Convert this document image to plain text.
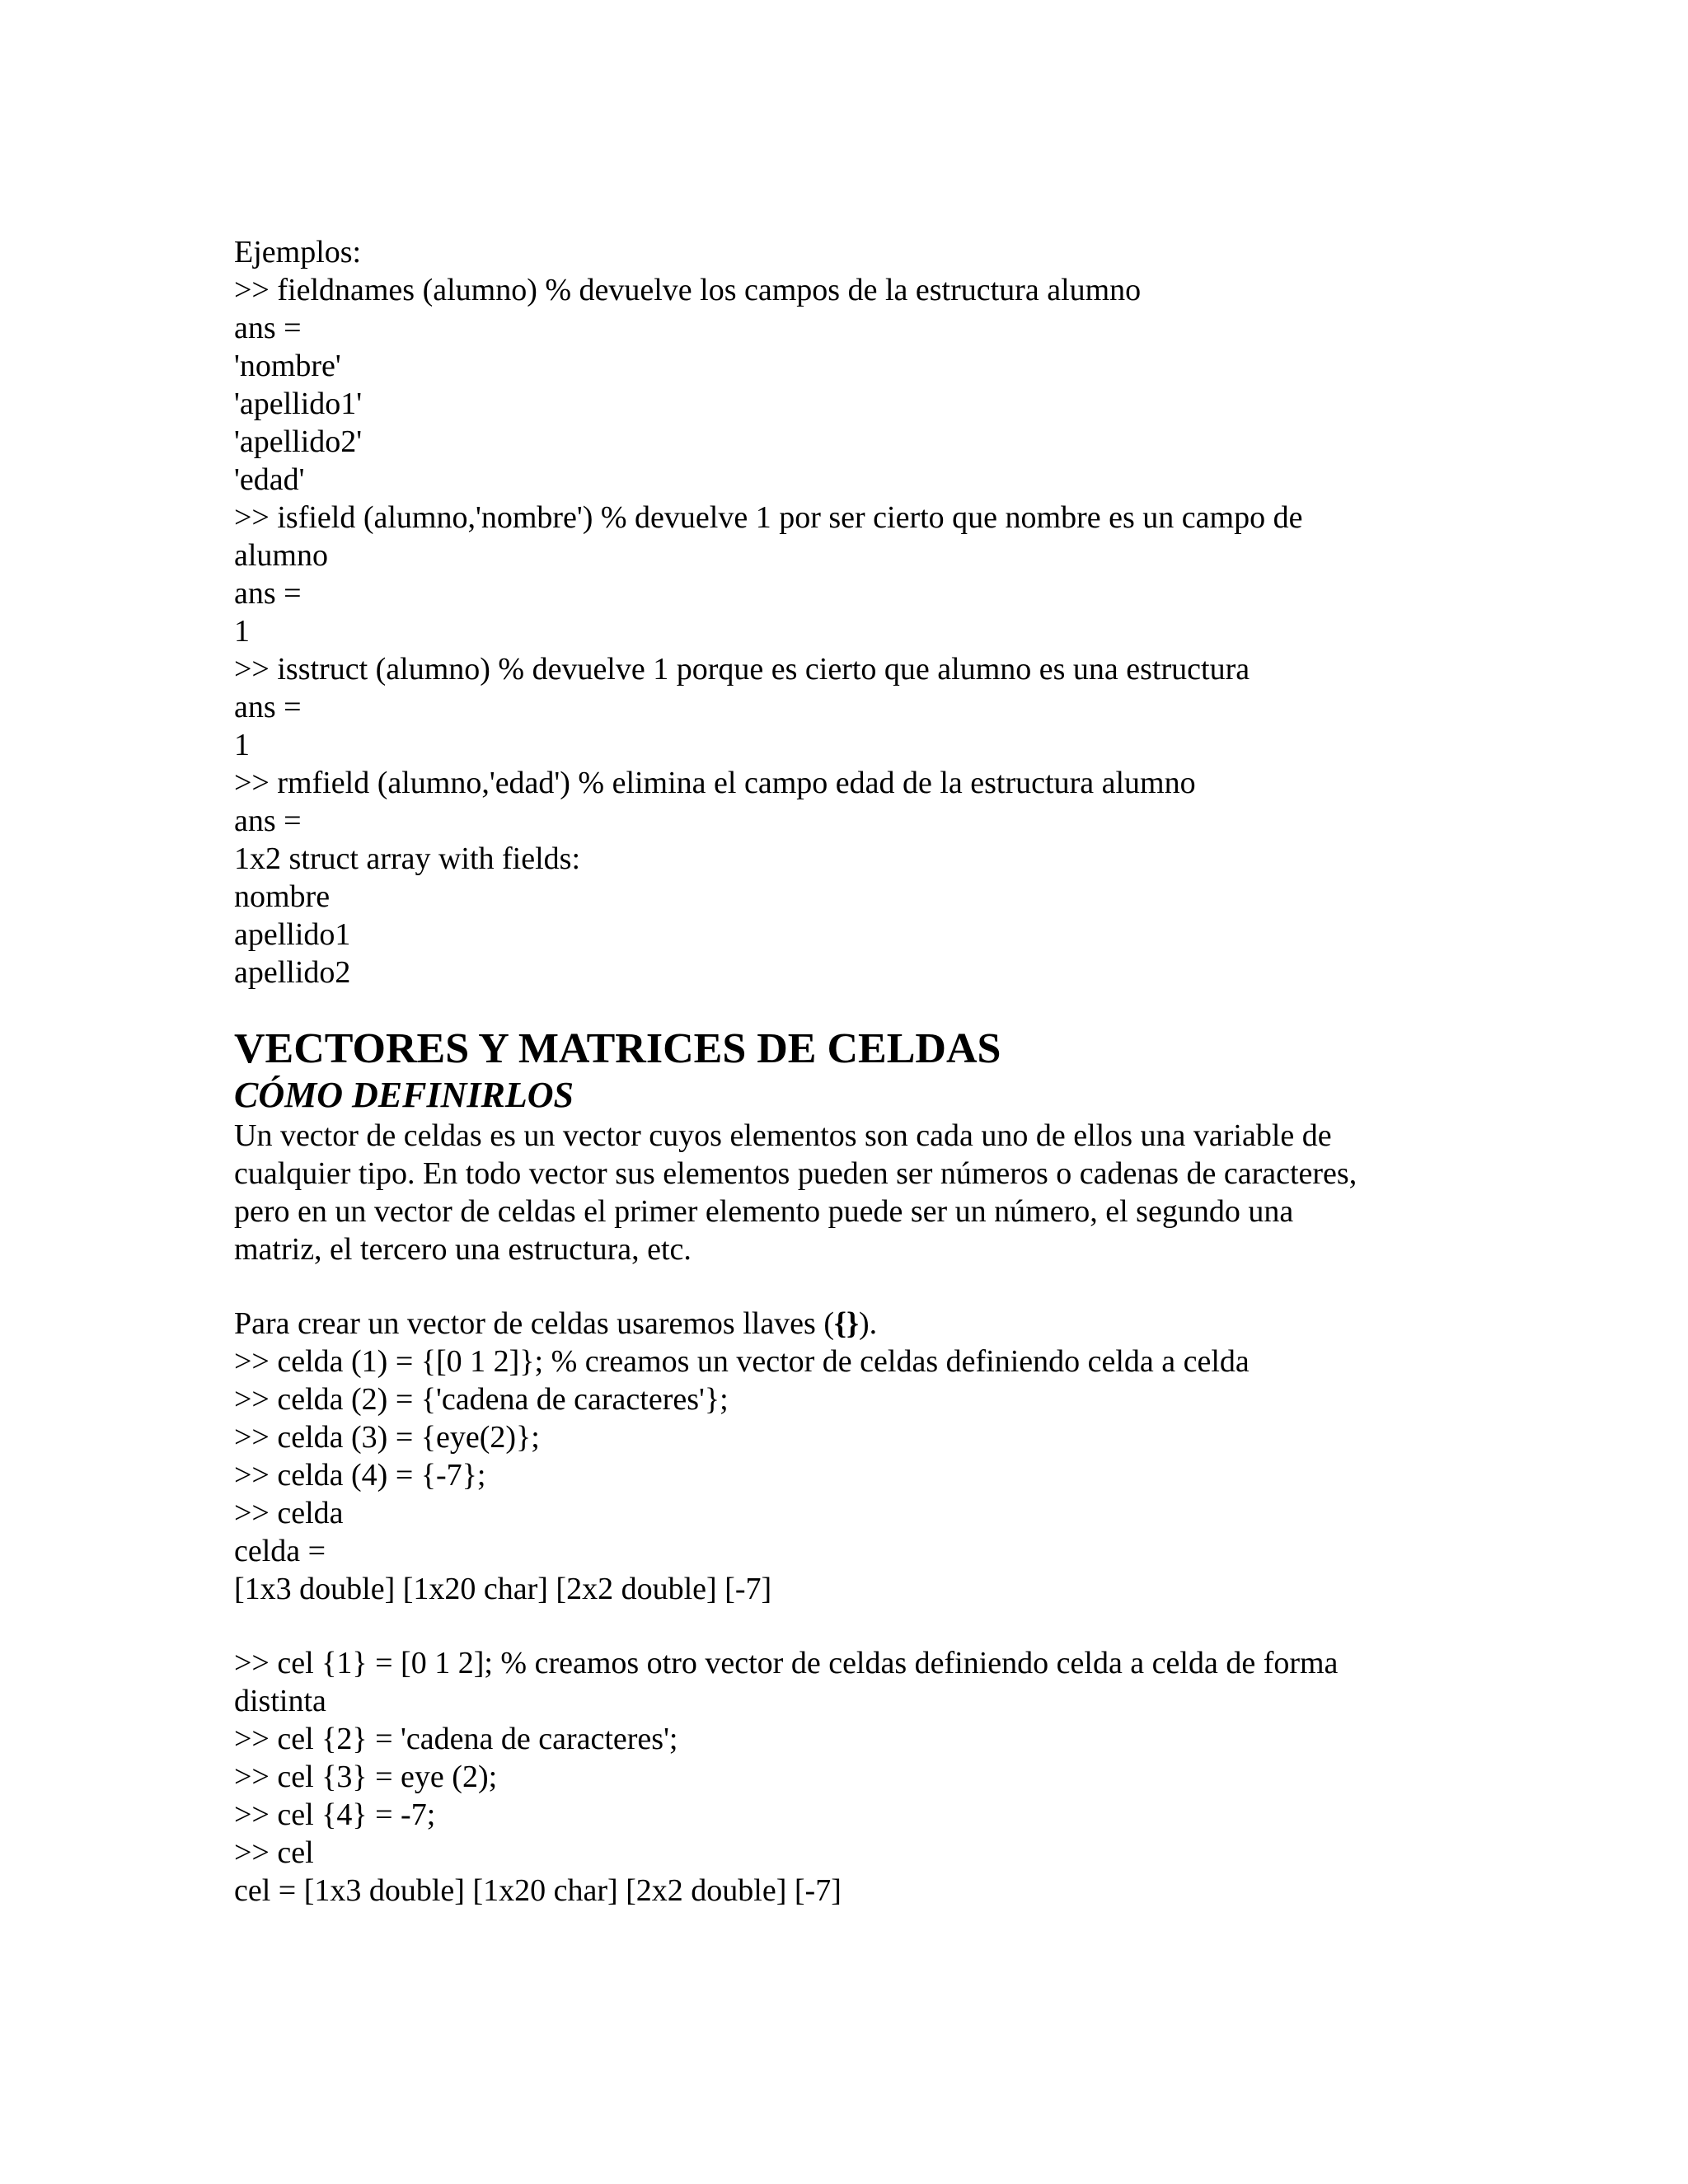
Ejemplos:
>> fieldnames (alumno) % devuelve los campos de la estructura alumno
ans =
'nombre'
'apellido1'
'apellido2'
'edad'
>> isfield (alumno,'nombre') % devuelve 1 por ser cierto que nombre es un campo de
alumno
ans =
1
>> isstruct (alumno) % devuelve 1 porque es cierto que alumno es una estructura
ans =
1
>> rmfield (alumno,'edad') % elimina el campo edad de la estructura alumno
ans =
1x2 struct array with fields:
nombre
apellido1
apellido2
VECTORES Y MATRICES DE CELDAS
CÓMO DEFINIRLOS
Un vector de celdas es un vector cuyos elementos son cada uno de ellos una variable de
cualquier tipo. En todo vector sus elementos pueden ser números o cadenas de caracteres,
pero en un vector de celdas el primer elemento puede ser un número, el segundo una
matriz, el tercero una estructura, etc.
Para crear un vector de celdas usaremos llaves ({}).
>> celda (1) = {[0 1 2]}; % creamos un vector de celdas definiendo celda a celda
>> celda (2) = {'cadena de caracteres'};
>> celda (3) = {eye(2)};
>> celda (4) = {-7};
>> celda
celda =
[1x3 double] [1x20 char] [2x2 double] [-7]
>> cel {1} = [0 1 2]; % creamos otro vector de celdas definiendo celda a celda de forma
distinta
>> cel {2} = 'cadena de caracteres';
>> cel {3} = eye (2);
>> cel {4} = -7;
>> cel
cel = [1x3 double] [1x20 char] [2x2 double] [-7]
